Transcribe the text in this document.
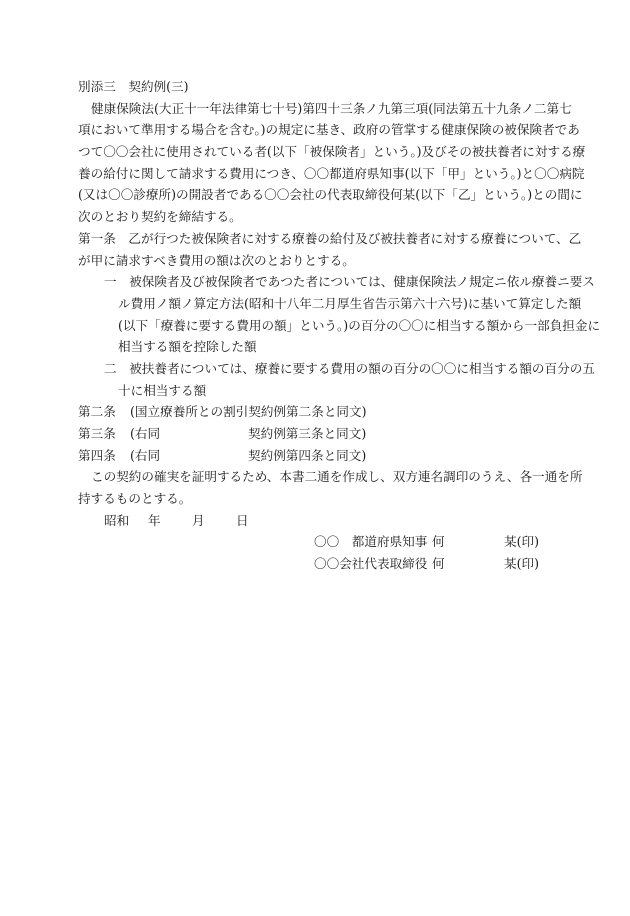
別添三　契約例(三)
健康保険法(大正十一年法律第七十号)第四十三条ノ九第三項(同法第五十九条ノ二第七
項において準用する場合を含む。)の規定に基き、政府の管掌する健康保険の被保険者であ
つて〇〇会社に使用されている者(以下「被保険者」という。)及びその被扶養者に対する療
養の給付に関して請求する費用につき、〇〇都道府県知事(以下「甲」という。)と〇〇病院
(又は〇〇診療所)の開設者である〇〇会社の代表取締役何某(以下「乙」という。)との間に
次のとおり契約を締結する。
第一条　乙が行つた被保険者に対する療養の給付及び被扶養者に対する療養について、乙
が甲に請求すべき費用の額は次のとおりとする。
一　被保険者及び被保険者であつた者については、健康保険法ノ規定ニ依ル療養ニ要ス
ル費用ノ額ノ算定方法(昭和十八年二月厚生省告示第六十六号)に基いて算定した額
(以下「療養に要する費用の額」という。)の百分の〇〇に相当する額から一部負担金に
相当する額を控除した額
二　被扶養者については、療養に要する費用の額の百分の〇〇に相当する額の百分の五
十に相当する額
第二条	(国立療養所との割引契約例第二条と同文)
第三条	(右同	契約例第三条と同文)
第四条	(右同	契約例第四条と同文)
この契約の確実を証明するため、本書二通を作成し、双方連名調印のうえ、各一通を所
持するものとする。
昭和 年 月 日
〇〇　都道府県知事 何	某(印)
〇〇会社代表取締役 何	某(印)
